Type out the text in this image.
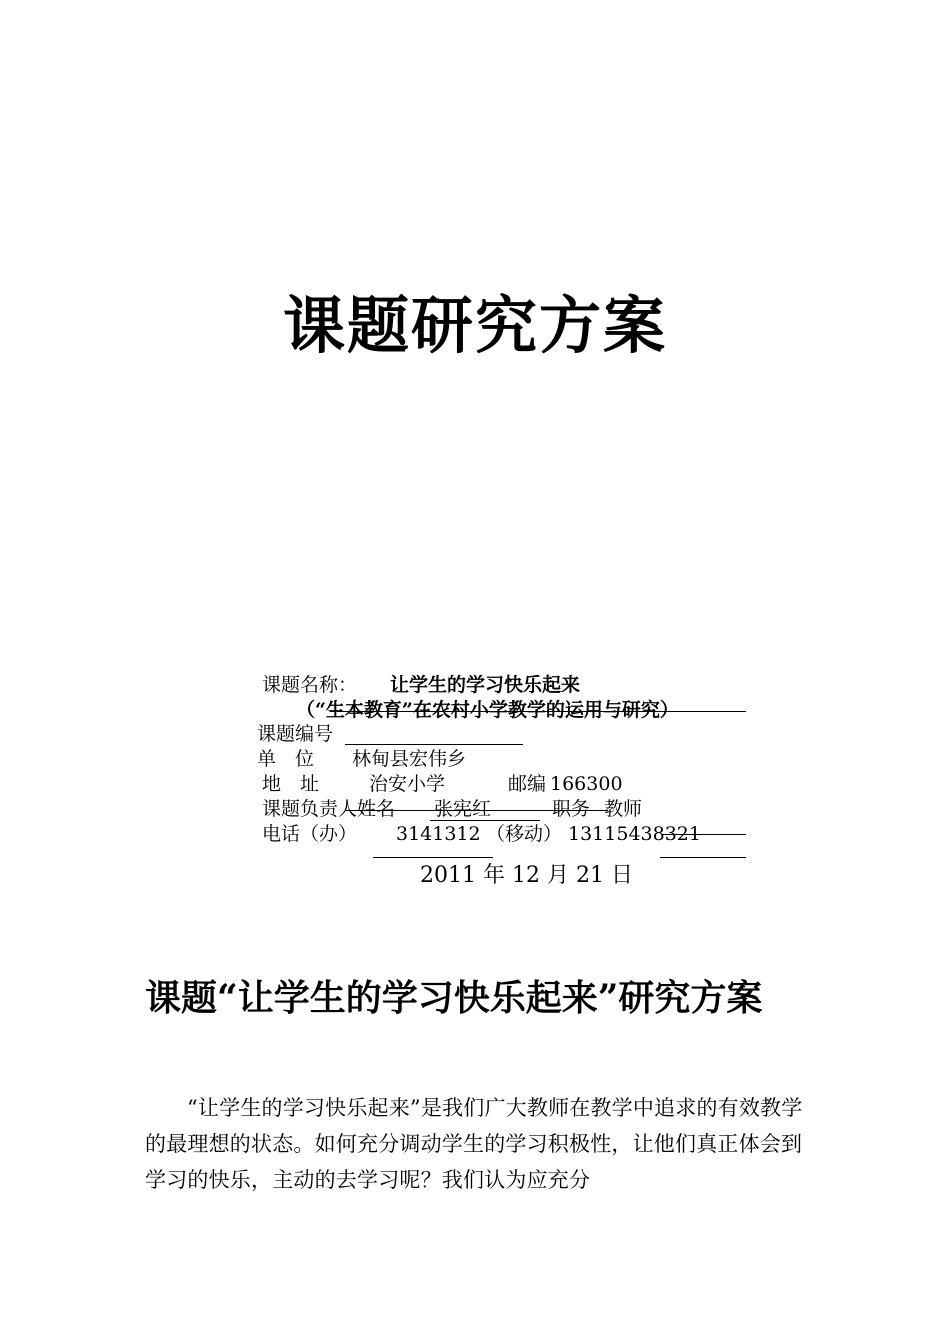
课题研究方案
课题名称： 让学生的学习快乐起来
（“生本教育”在农村小学教学的运用与研究）
课题编号
单　位 林甸县宏伟乡
地　址	治安小学	邮编 166300
课题负责人姓名 张宪红	职务 教师
电话（办） 3141312 （移动） 13115438321
2011 年 12 月 21 日
课题“让学生的学习快乐起来”研究方案
“让学生的学习快乐起来”是我们广大教师在教学中追求的有效教学的最理想的状态。如何充分调动学生的学习积极性，让他们真正体会到学习的快乐，主动的去学习呢？我们认为应充分
